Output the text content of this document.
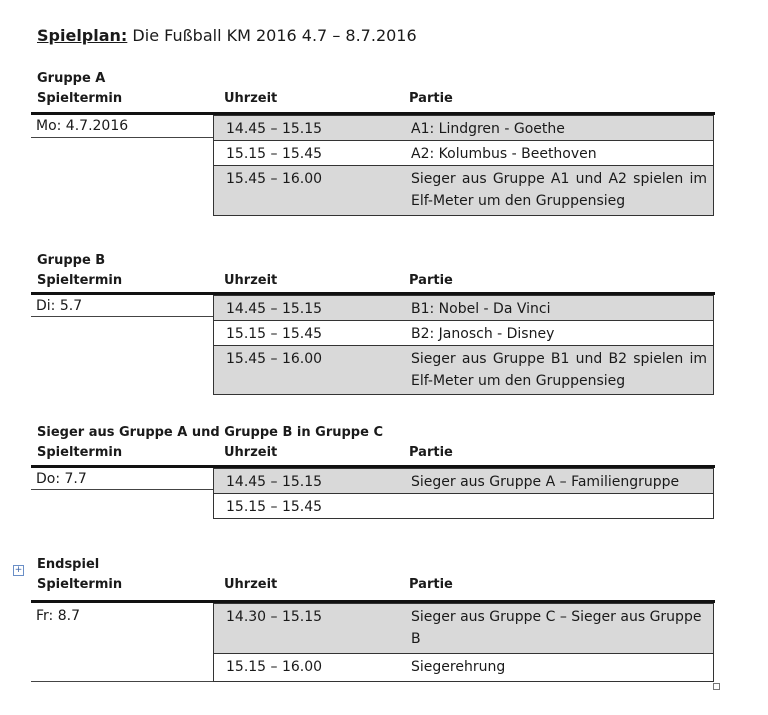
Spielplan: Die Fußball KM 2016 4.7 – 8.7.2016
Gruppe A
Spieltermin	Uhrzeit	Partie
Mo: 4.7.2016	14.45 – 15.15	A1: Lindgren - Goethe
15.15 – 15.45	A2: Kolumbus - Beethoven
15.45 – 16.00	Sieger aus Gruppe A1 und A2 spielen im Elf-Meter um den Gruppensieg
Gruppe B
Spieltermin	Uhrzeit	Partie
Di: 5.7	14.45 – 15.15	B1: Nobel - Da Vinci
15.15 – 15.45	B2: Janosch - Disney
15.45 – 16.00	Sieger aus Gruppe B1 und B2 spielen im Elf-Meter um den Gruppensieg
Sieger aus Gruppe A und Gruppe B in Gruppe C
Spieltermin	Uhrzeit	Partie
Do: 7.7	14.45 – 15.15	Sieger aus Gruppe A – Familiengruppe
15.15 – 15.45
+ Endspiel
Spieltermin	Uhrzeit	Partie
Fr: 8.7	14.30 – 15.15	Sieger aus Gruppe C – Sieger aus Gruppe B
15.15 – 16.00	Siegerehrung
